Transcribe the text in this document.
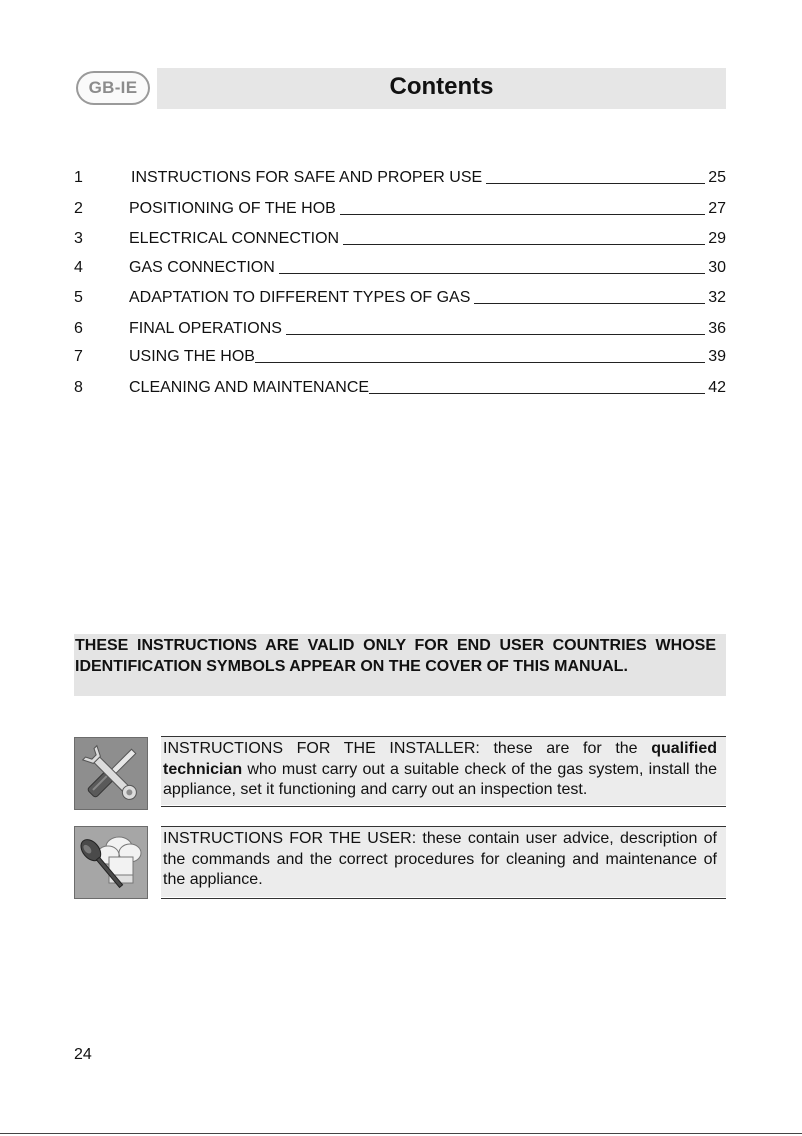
GB-IE	Contents
1	INSTRUCTIONS FOR SAFE AND PROPER USE	25
2	POSITIONING OF THE HOB	27
3	ELECTRICAL CONNECTION	29
4	GAS CONNECTION	30
5	ADAPTATION TO DIFFERENT TYPES OF GAS	32
6	FINAL OPERATIONS	36
7	USING THE HOB	39
8	CLEANING AND MAINTENANCE	42
THESE INSTRUCTIONS ARE VALID ONLY FOR END USER COUNTRIES WHOSE IDENTIFICATION SYMBOLS APPEAR ON THE COVER OF THIS MANUAL.
INSTRUCTIONS FOR THE INSTALLER: these are for the qualified technician who must carry out a suitable check of the gas system, install the appliance, set it functioning and carry out an inspection test.
INSTRUCTIONS FOR THE USER: these contain user advice, description of the commands and the correct procedures for cleaning and maintenance of the appliance.
24
